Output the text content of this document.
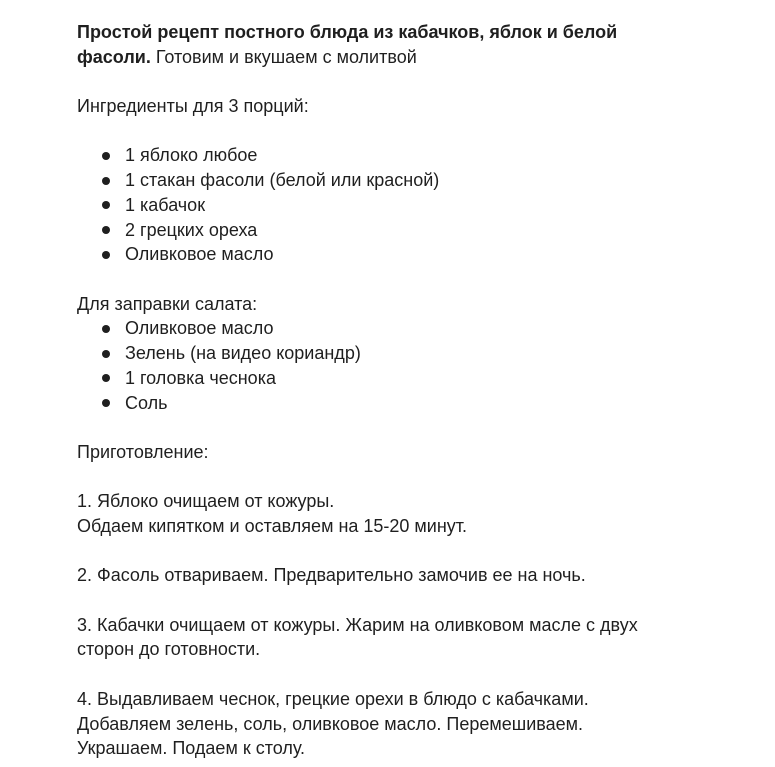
Простой рецепт постного блюда из кабачков, яблок и белой
фасоли. Готовим и вкушаем с молитвой
Ингредиенты для 3 порций:
1 яблоко любое
1 стакан фасоли (белой или красной)
1 кабачок
2 грецких ореха
Оливковое масло
Для заправки салата:
Оливковое масло
Зелень (на видео кориандр)
1 головка чеснока
Соль
Приготовление:
1. Яблоко очищаем от кожуры.
Обдаем кипятком и оставляем на 15-20 минут.
2. Фасоль отвариваем. Предварительно замочив ее на ночь.
3. Кабачки очищаем от кожуры. Жарим на оливковом масле с двух
сторон до готовности.
4. Выдавливаем чеснок, грецкие орехи в блюдо с кабачками.
Добавляем зелень, соль, оливковое масло. Перемешиваем.
Украшаем. Подаем к столу.
